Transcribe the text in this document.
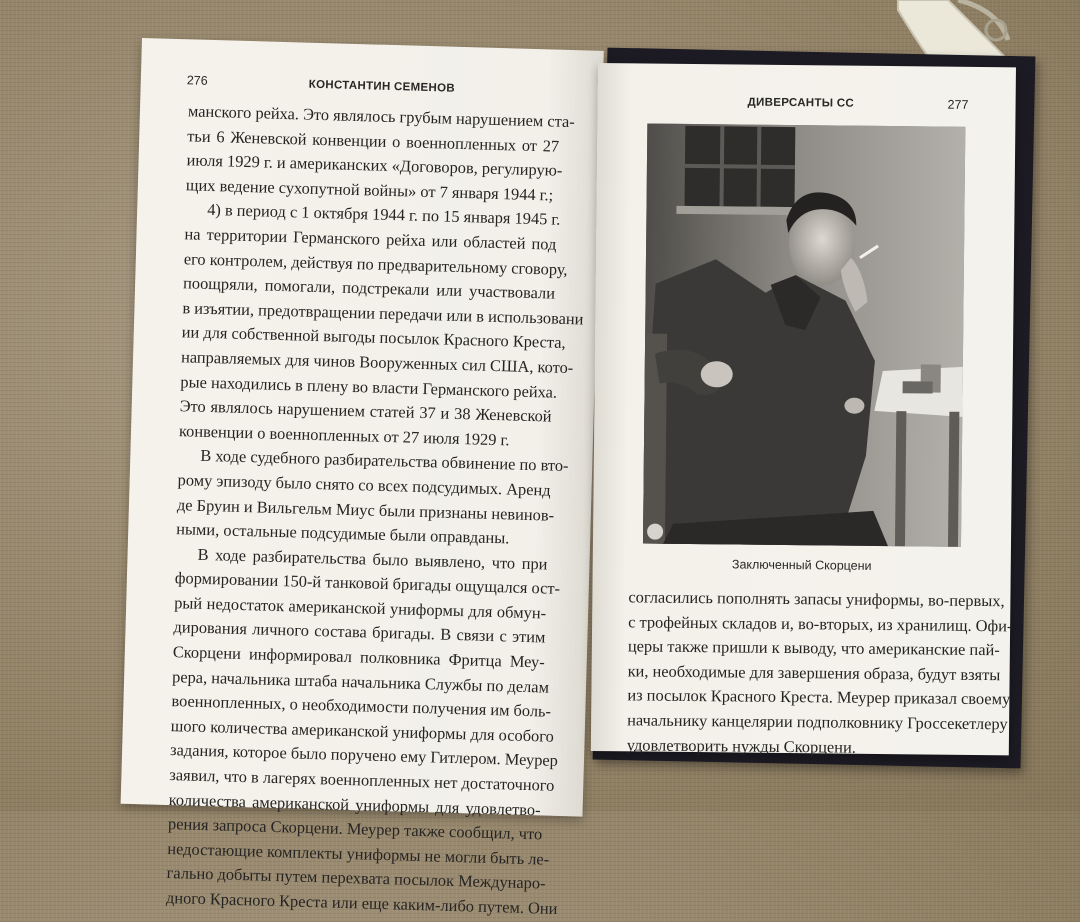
276	КОНСТАНТИН СЕМЕНОВ
манского рейха. Это являлось грубым нарушением ста-
тьи 6 Женевской конвенции о военнопленных от 27
июля 1929 г. и американских «Договоров, регулирую-
щих ведение сухопутной войны» от 7 января 1944 г.;
4) в период с 1 октября 1944 г. по 15 января 1945 г.
на территории Германского рейха или областей под
его контролем, действуя по предварительному сговору,
поощряли, помогали, подстрекали или участвовали
в изъятии, предотвращении передачи или в использовани
ии для собственной выгоды посылок Красного Креста,
направляемых для чинов Вооруженных сил США, кото-
рые находились в плену во власти Германского рейха.
Это являлось нарушением статей 37 и 38 Женевской
конвенции о военнопленных от 27 июля 1929 г.
В ходе судебного разбирательства обвинение по вто-
рому эпизоду было снято со всех подсудимых. Аренд
де Бруин и Вильгельм Миус были признаны невинов-
ными, остальные подсудимые были оправданы.
В ходе разбирательства было выявлено, что при
формировании 150-й танковой бригады ощущался ост-
рый недостаток американской униформы для обмун-
дирования личного состава бригады. В связи с этим
Скорцени информировал полковника Фритца Меу-
рера, начальника штаба начальника Службы по делам
военнопленных, о необходимости получения им боль-
шого количества американской униформы для особого
задания, которое было поручено ему Гитлером. Меурер
заявил, что в лагерях военнопленных нет достаточного
количества американской униформы для удовлетво-
рения запроса Скорцени. Меурер также сообщил, что
недостающие комплекты униформы не могли быть ле-
гально добыты путем перехвата посылок Междунаро-
дного Красного Креста или еще каким-либо путем. Они
ДИВЕРСАНТЫ СС	277
Заключенный Скорцени
согласились пополнять запасы униформы, во-первых,
с трофейных складов и, во-вторых, из хранилищ. Офи-
церы также пришли к выводу, что американские пай-
ки, необходимые для завершения образа, будут взяты
из посылок Красного Креста. Меурер приказал своему
начальнику канцелярии подполковнику Гроссекетлеру
удовлетворить нужды Скорцени.
